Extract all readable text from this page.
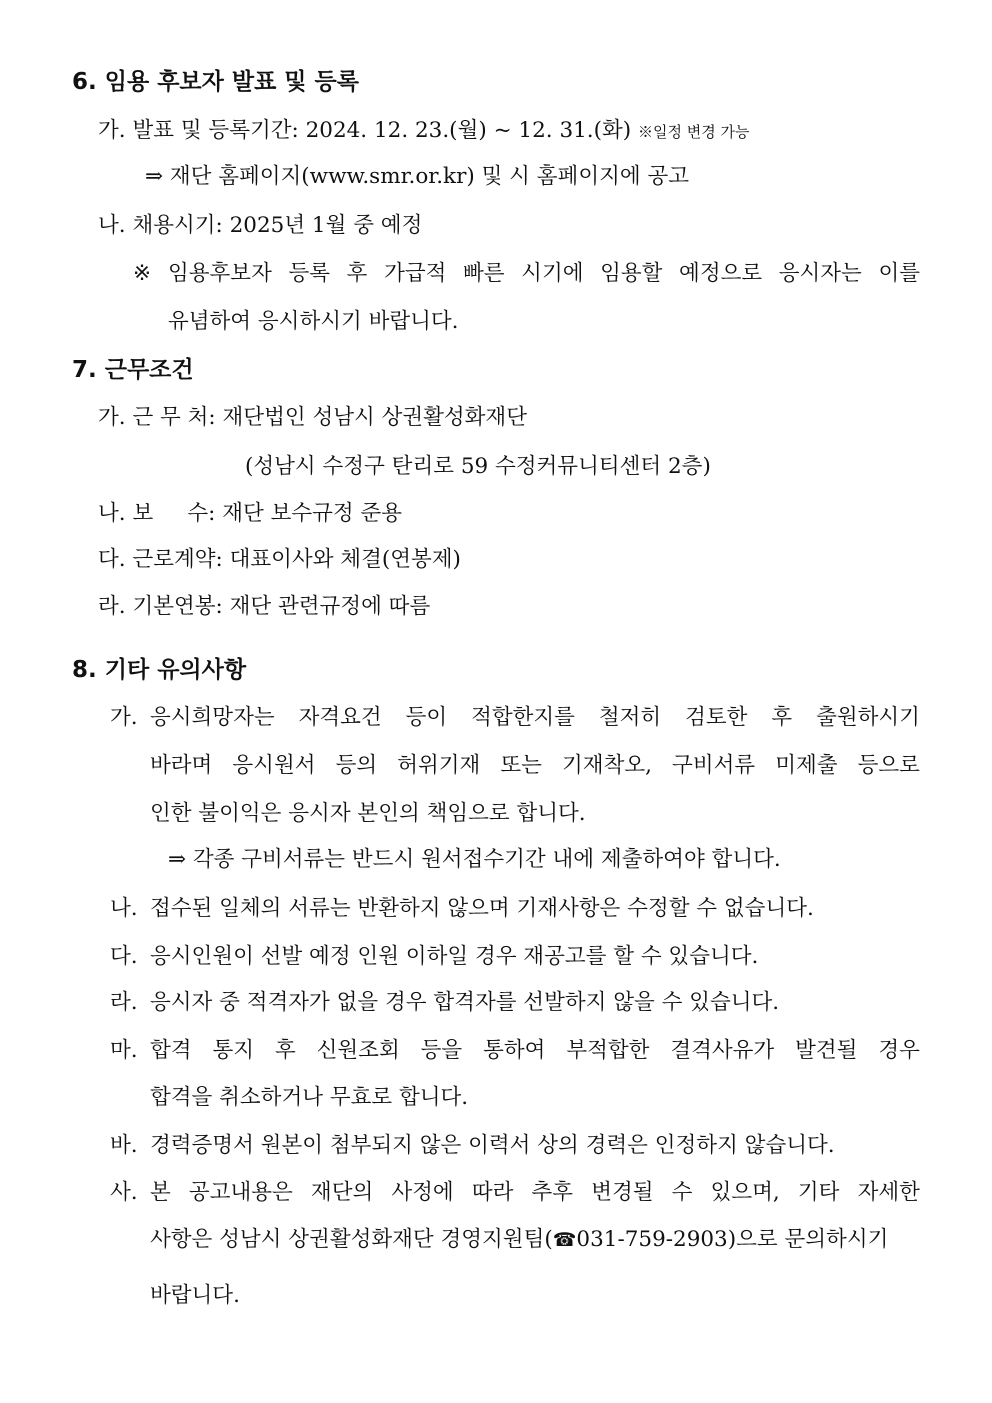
6. 임용 후보자 발표 및 등록
가. 발표 및 등록기간: 2024. 12. 23.(월) ~ 12. 31.(화) ※일정 변경 가능
⇒ 재단 홈페이지(www.smr.or.kr) 및 시 홈페이지에 공고
나. 채용시기: 2025년 1월 중 예정
※ 임용후보자 등록 후 가급적 빠른 시기에 임용할 예정으로 응시자는 이를
유념하여 응시하시기 바랍니다.
7. 근무조건
가. 근 무 처: 재단법인 성남시 상권활성화재단
(성남시 수정구 탄리로 59 수정커뮤니티센터 2층)
나. 보     수: 재단 보수규정 준용
다. 근로계약: 대표이사와 체결(연봉제)
라. 기본연봉: 재단 관련규정에 따름
8. 기타 유의사항
가. 응시희망자는 자격요건 등이 적합한지를 철저히 검토한 후 출원하시기
바라며 응시원서 등의 허위기재 또는 기재착오, 구비서류 미제출 등으로
인한 불이익은 응시자 본인의 책임으로 합니다.
⇒ 각종 구비서류는 반드시 원서접수기간 내에 제출하여야 합니다.
나. 접수된 일체의 서류는 반환하지 않으며 기재사항은 수정할 수 없습니다.
다. 응시인원이 선발 예정 인원 이하일 경우 재공고를 할 수 있습니다.
라. 응시자 중 적격자가 없을 경우 합격자를 선발하지 않을 수 있습니다.
마. 합격 통지 후 신원조회 등을 통하여 부적합한 결격사유가 발견될 경우
합격을 취소하거나 무효로 합니다.
바. 경력증명서 원본이 첨부되지 않은 이력서 상의 경력은 인정하지 않습니다.
사. 본 공고내용은 재단의 사정에 따라 추후 변경될 수 있으며, 기타 자세한
사항은 성남시 상권활성화재단 경영지원팀(☎031-759-2903)으로 문의하시기
바랍니다.
